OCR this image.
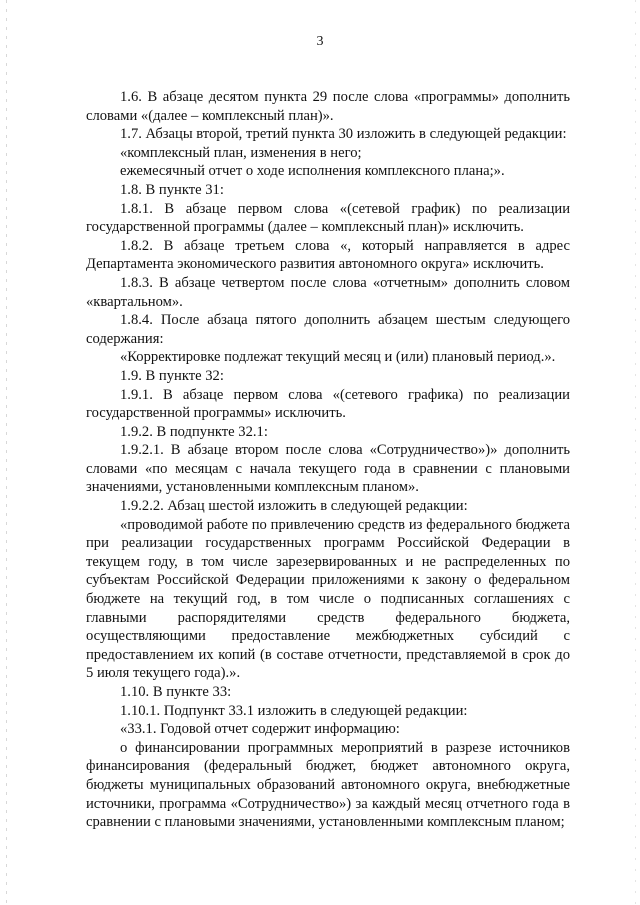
3

1.6. В абзаце десятом пункта 29 после слова «программы» дополнить словами «(далее – комплексный план)».

1.7. Абзацы второй, третий пункта 30 изложить в следующей редакции:

«комплексный план, изменения в него;

ежемесячный отчет о ходе исполнения комплексного плана;».

1.8. В пункте 31:

1.8.1. В абзаце первом слова «(сетевой график) по реализации государственной программы (далее – комплексный план)» исключить.

1.8.2. В абзаце третьем слова «, который направляется в адрес Департамента экономического развития автономного округа» исключить.

1.8.3. В абзаце четвертом после слова «отчетным» дополнить словом «квартальном».

1.8.4. После абзаца пятого дополнить абзацем шестым следующего содержания:

«Корректировке подлежат текущий месяц и (или) плановый период.».

1.9. В пункте 32:

1.9.1. В абзаце первом слова «(сетевого графика) по реализации государственной программы» исключить.

1.9.2. В подпункте 32.1:

1.9.2.1. В абзаце втором после слова «Сотрудничество»)» дополнить словами «по месяцам с начала текущего года в сравнении с плановыми значениями, установленными комплексным планом».

1.9.2.2. Абзац шестой изложить в следующей редакции:

«проводимой работе по привлечению средств из федерального бюджета при реализации государственных программ Российской Федерации в текущем году, в том числе зарезервированных и не распределенных по субъектам Российской Федерации приложениями к закону о федеральном бюджете на текущий год, в том числе о подписанных соглашениях с главными распорядителями средств федерального бюджета, осуществляющими предоставление межбюджетных субсидий с предоставлением их копий (в составе отчетности, представляемой в срок до 5 июля текущего года).».

1.10. В пункте 33:

1.10.1. Подпункт 33.1 изложить в следующей редакции:

«33.1. Годовой отчет содержит информацию:

о финансировании программных мероприятий в разрезе источников финансирования (федеральный бюджет, бюджет автономного округа, бюджеты муниципальных образований автономного округа, внебюджетные источники, программа «Сотрудничество») за каждый месяц отчетного года в сравнении с плановыми значениями, установленными комплексным планом;
